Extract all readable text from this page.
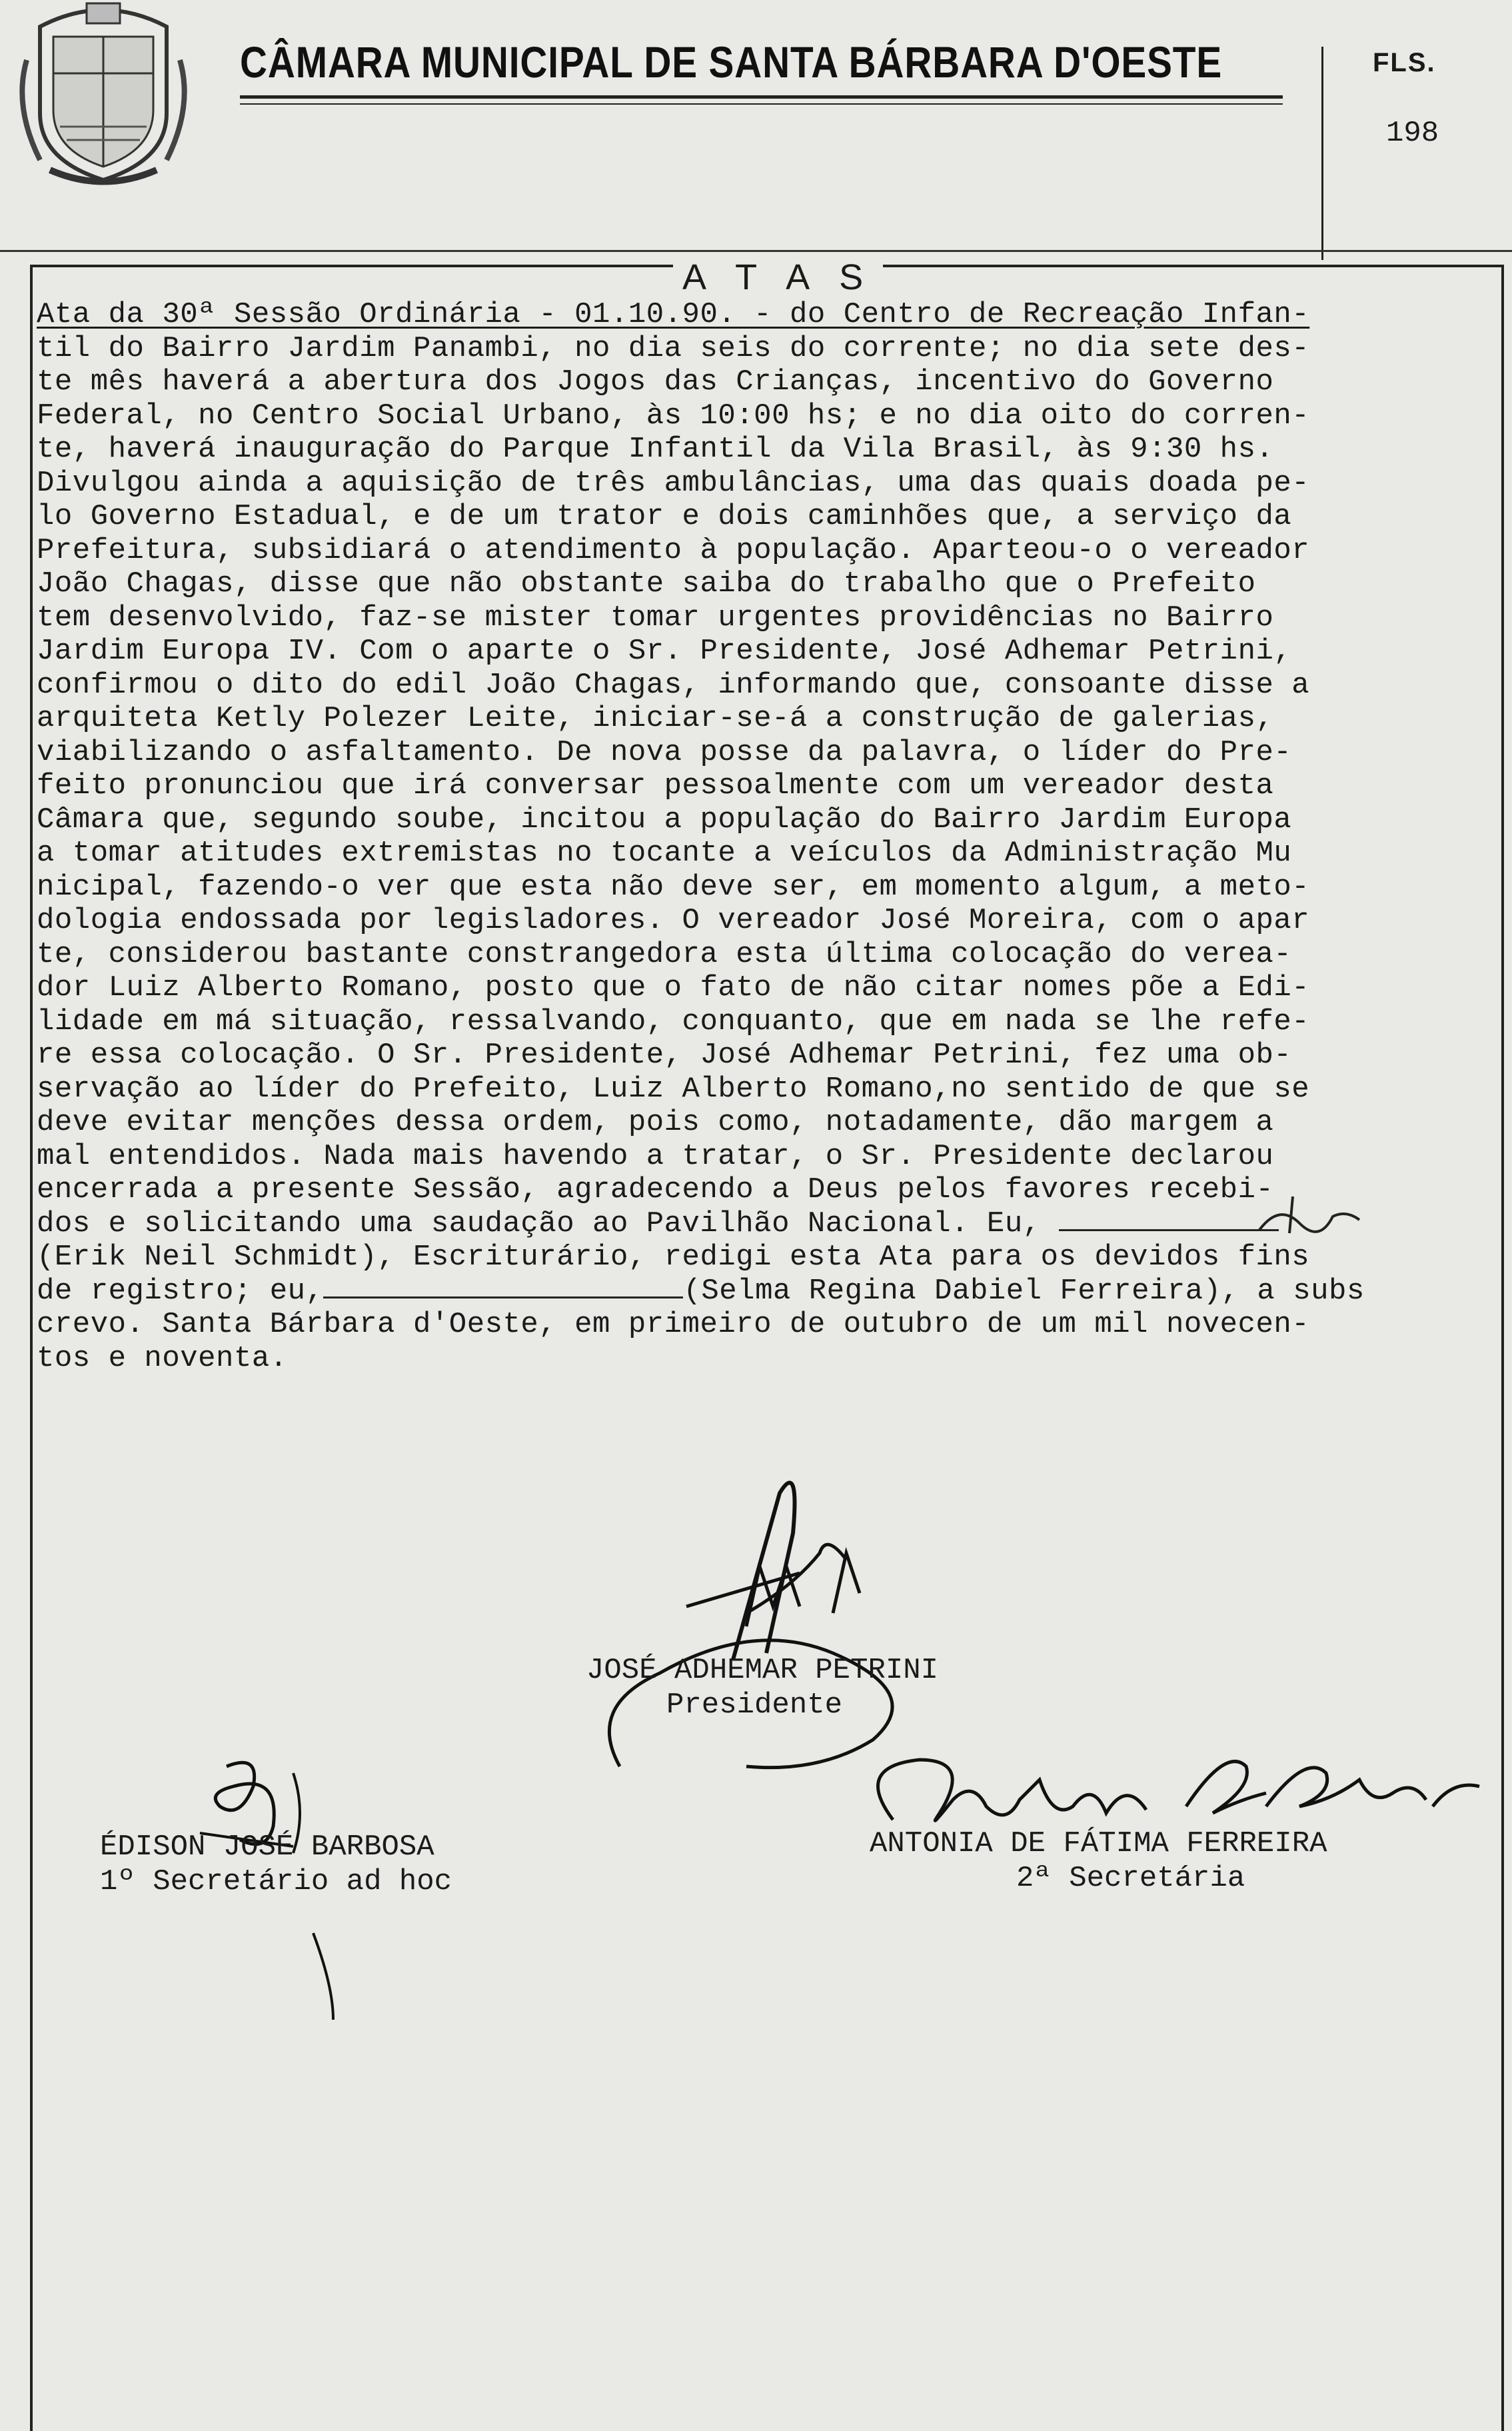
CÂMARA MUNICIPAL DE SANTA BÁRBARA D'OESTE	FLS.
198
A T A S
Ata da 30ª Sessão Ordinária - 01.10.90. - do Centro de Recreação Infan-
til do Bairro Jardim Panambi, no dia seis do corrente; no dia sete des-
te mês haverá a abertura dos Jogos das Crianças, incentivo do Governo
Federal, no Centro Social Urbano, às 10:00 hs; e no dia oito do corren-
te, haverá inauguração do Parque Infantil da Vila Brasil, às 9:30 hs.
Divulgou ainda a aquisição de três ambulâncias, uma das quais doada pe-
lo Governo Estadual, e de um trator e dois caminhões que, a serviço da
Prefeitura, subsidiará o atendimento à população. Aparteou-o o vereador
João Chagas, disse que não obstante saiba do trabalho que o Prefeito
tem desenvolvido, faz-se mister tomar urgentes providências no Bairro
Jardim Europa IV. Com o aparte o Sr. Presidente, José Adhemar Petrini,
confirmou o dito do edil João Chagas, informando que, consoante disse a
arquiteta Ketly Polezer Leite, iniciar-se-á a construção de galerias,
viabilizando o asfaltamento. De nova posse da palavra, o líder do Pre-
feito pronunciou que irá conversar pessoalmente com um vereador desta
Câmara que, segundo soube, incitou a população do Bairro Jardim Europa
a tomar atitudes extremistas no tocante a veículos da Administração Mu
nicipal, fazendo-o ver que esta não deve ser, em momento algum, a meto-
dologia endossada por legisladores. O vereador José Moreira, com o apar
te, considerou bastante constrangedora esta última colocação do verea-
dor Luiz Alberto Romano, posto que o fato de não citar nomes põe a Edi-
lidade em má situação, ressalvando, conquanto, que em nada se lhe refe-
re essa colocação. O Sr. Presidente, José Adhemar Petrini, fez uma ob-
servação ao líder do Prefeito, Luiz Alberto Romano,no sentido de que se
deve evitar menções dessa ordem, pois como, notadamente, dão margem a
mal entendidos. Nada mais havendo a tratar, o Sr. Presidente declarou
encerrada a presente Sessão, agradecendo a Deus pelos favores recebi-
dos e solicitando uma saudação ao Pavilhão Nacional. Eu,
(Erik Neil Schmidt), Escriturário, redigi esta Ata para os devidos fins
de registro; eu,	(Selma Regina Dabiel Ferreira), a subs
crevo. Santa Bárbara d'Oeste, em primeiro de outubro de um mil novecen-
tos e noventa.
JOSÉ ADHEMAR PETRINI
Presidente
ÉDISON JOSÉ BARBOSA
1º Secretário ad hoc
ANTONIA DE FÁTIMA FERREIRA
2ª Secretária
